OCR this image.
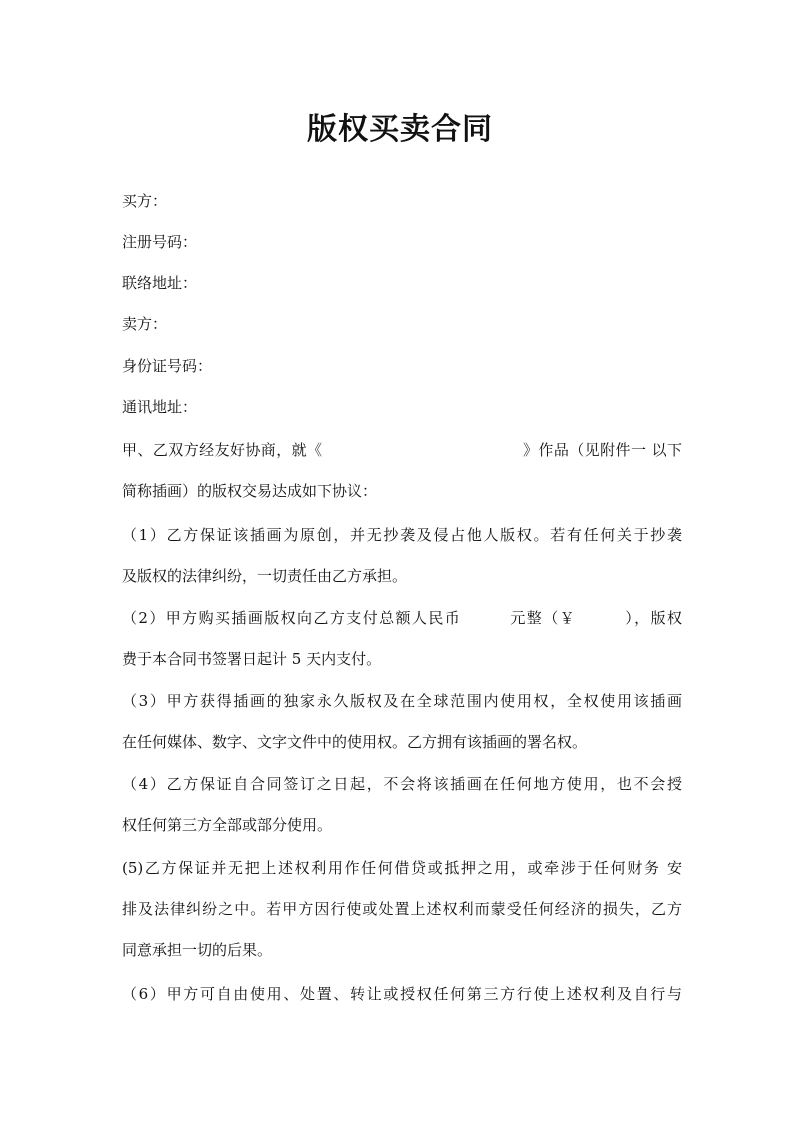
版权买卖合同
买方：
注册号码：
联络地址：
卖方：
身份证号码：
通讯地址：
甲、乙双方经友好协商，就《　　　　　　　　　　　　　》作品（见附件一 以下
简称插画）的版权交易达成如下协议：
（1）乙方保证该插画为原创，并无抄袭及侵占他人版权。若有任何关于抄袭
及版权的法律纠纷，一切责任由乙方承担。
（2）甲方购买插画版权向乙方支付总额人民币　　　元整（￥　　　），版权
费于本合同书签署日起计 5 天内支付。
（3）甲方获得插画的独家永久版权及在全球范围内使用权，全权使用该插画
在任何媒体、数字、文字文件中的使用权。乙方拥有该插画的署名权。
（4）乙方保证自合同签订之日起，不会将该插画在任何地方使用，也不会授
权任何第三方全部或部分使用。
(5)乙方保证并无把上述权利用作任何借贷或抵押之用，或牵涉于任何财务 安
排及法律纠纷之中。若甲方因行使或处置上述权利而蒙受任何经济的损失，乙方
同意承担一切的后果。
（6）甲方可自由使用、处置、转让或授权任何第三方行使上述权利及自行与
